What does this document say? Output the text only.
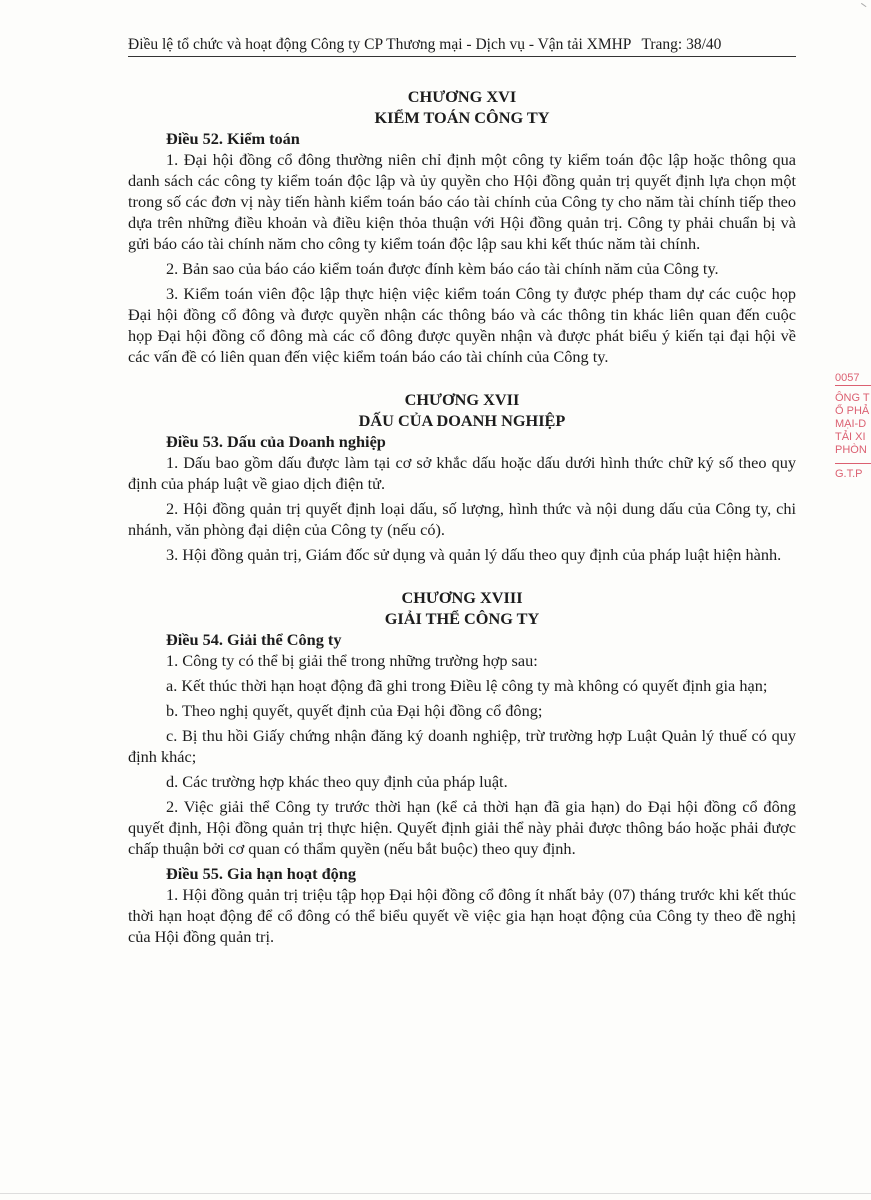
Điều lệ tổ chức và hoạt động Công ty CP Thương mại - Dịch vụ - Vận tải XMHP Trang: 38/40
CHƯƠNG XVI
KIỂM TOÁN CÔNG TY
Điều 52. Kiểm toán

1. Đại hội đồng cổ đông thường niên chỉ định một công ty kiểm toán độc lập hoặc thông qua danh sách các công ty kiểm toán độc lập và ủy quyền cho Hội đồng quản trị quyết định lựa chọn một trong số các đơn vị này tiến hành kiểm toán báo cáo tài chính của Công ty cho năm tài chính tiếp theo dựa trên những điều khoản và điều kiện thỏa thuận với Hội đồng quản trị. Công ty phải chuẩn bị và gửi báo cáo tài chính năm cho công ty kiểm toán độc lập sau khi kết thúc năm tài chính.

2. Bản sao của báo cáo kiểm toán được đính kèm báo cáo tài chính năm của Công ty.

3. Kiểm toán viên độc lập thực hiện việc kiểm toán Công ty được phép tham dự các cuộc họp Đại hội đồng cổ đông và được quyền nhận các thông báo và các thông tin khác liên quan đến cuộc họp Đại hội đồng cổ đông mà các cổ đông được quyền nhận và được phát biểu ý kiến tại đại hội về các vấn đề có liên quan đến việc kiểm toán báo cáo tài chính của Công ty.

CHƯƠNG XVII
DẤU CỦA DOANH NGHIỆP
Điều 53. Dấu của Doanh nghiệp

1. Dấu bao gồm dấu được làm tại cơ sở khắc dấu hoặc dấu dưới hình thức chữ ký số theo quy định của pháp luật về giao dịch điện tử.

2. Hội đồng quản trị quyết định loại dấu, số lượng, hình thức và nội dung dấu của Công ty, chi nhánh, văn phòng đại diện của Công ty (nếu có).

3. Hội đồng quản trị, Giám đốc sử dụng và quản lý dấu theo quy định của pháp luật hiện hành.

CHƯƠNG XVIII
GIẢI THỂ CÔNG TY
Điều 54. Giải thể Công ty

1. Công ty có thể bị giải thể trong những trường hợp sau:

a. Kết thúc thời hạn hoạt động đã ghi trong Điều lệ công ty mà không có quyết định gia hạn;

b. Theo nghị quyết, quyết định của Đại hội đồng cổ đông;

c. Bị thu hồi Giấy chứng nhận đăng ký doanh nghiệp, trừ trường hợp Luật Quản lý thuế có quy định khác;

d. Các trường hợp khác theo quy định của pháp luật.

2. Việc giải thể Công ty trước thời hạn (kể cả thời hạn đã gia hạn) do Đại hội đồng cổ đông quyết định, Hội đồng quản trị thực hiện. Quyết định giải thể này phải được thông báo hoặc phải được chấp thuận bởi cơ quan có thẩm quyền (nếu bắt buộc) theo quy định.

Điều 55. Gia hạn hoạt động

1. Hội đồng quản trị triệu tập họp Đại hội đồng cổ đông ít nhất bảy (07) tháng trước khi kết thúc thời hạn hoạt động để cổ đông có thể biểu quyết về việc gia hạn hoạt động của Công ty theo đề nghị của Hội đồng quản trị.

0057
ÔNG T
Ổ PHẢ
MẠI-D
TẢI XI
PHÒN
G.T.P
